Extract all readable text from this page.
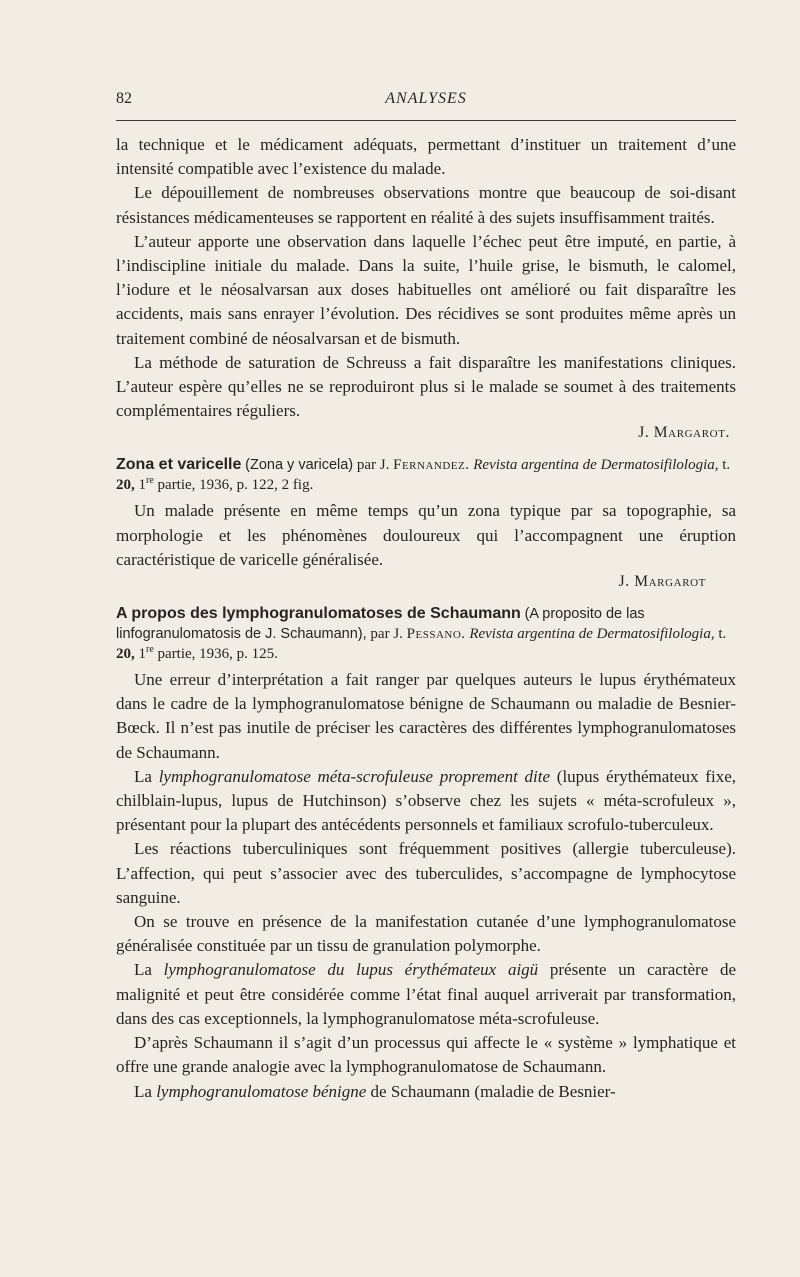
82	ANALYSES

la technique et le médicament adéquats, permettant d’instituer un traitement d’une intensité compatible avec l’existence du malade.

Le dépouillement de nombreuses observations montre que beaucoup de soi-disant résistances médicamenteuses se rapportent en réalité à des sujets insuffisamment traités.

L’auteur apporte une observation dans laquelle l’échec peut être imputé, en partie, à l’indiscipline initiale du malade. Dans la suite, l’huile grise, le bismuth, le calomel, l’iodure et le néosalvarsan aux doses habituelles ont amélioré ou fait disparaître les accidents, mais sans enrayer l’évolution. Des récidives se sont produites même après un traitement combiné de néosalvarsan et de bismuth.

La méthode de saturation de Schreuss a fait disparaître les manifestations cliniques. L’auteur espère qu’elles ne se reproduiront plus si le malade se soumet à des traitements complémentaires réguliers.

J. Margarot.
Zona et varicelle (Zona y varicela) par J. Fernandez. Revista argentina de Dermatosifilologia, t. 20, 1re partie, 1936, p. 122, 2 fig.

Un malade présente en même temps qu’un zona typique par sa topographie, sa morphologie et les phénomènes douloureux qui l’accompagnent une éruption caractéristique de varicelle généralisée.

J. Margarot
A propos des lymphogranulomatoses de Schaumann (A proposito de las linfogranulomatosis de J. Schaumann), par J. Pessano. Revista argentina de Dermatosifilologia, t. 20, 1re partie, 1936, p. 125.

Une erreur d’interprétation a fait ranger par quelques auteurs le lupus érythémateux dans le cadre de la lymphogranulomatose bénigne de Schaumann ou maladie de Besnier-Bœck. Il n’est pas inutile de préciser les caractères des différentes lymphogranulomatoses de Schaumann.

La lymphogranulomatose méta-scrofuleuse proprement dite (lupus érythémateux fixe, chilblain-lupus, lupus de Hutchinson) s’observe chez les sujets « méta-scrofuleux », présentant pour la plupart des antécédents personnels et familiaux scrofulo-tuberculeux.

Les réactions tuberculiniques sont fréquemment positives (allergie tuberculeuse). L’affection, qui peut s’associer avec des tuberculides, s’accompagne de lymphocytose sanguine.

On se trouve en présence de la manifestation cutanée d’une lymphogranulomatose généralisée constituée par un tissu de granulation polymorphe.

La lymphogranulomatose du lupus érythémateux aigü présente un caractère de malignité et peut être considérée comme l’état final auquel arriverait par transformation, dans des cas exceptionnels, la lymphogranulomatose méta-scrofuleuse.

D’après Schaumann il s’agit d’un processus qui affecte le « système » lymphatique et offre une grande analogie avec la lymphogranulomatose de Schaumann.

La lymphogranulomatose bénigne de Schaumann (maladie de Besnier-
